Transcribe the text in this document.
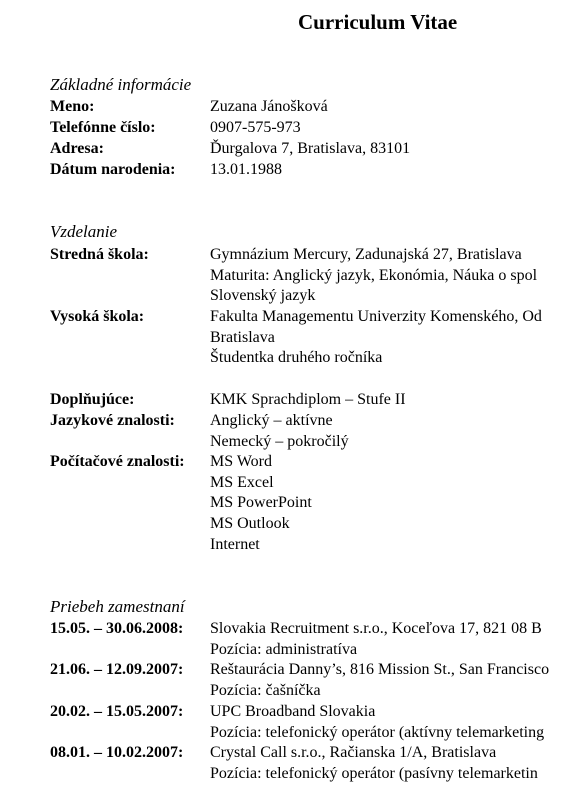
Curriculum Vitae
Základné informácie
Meno:	Zuzana Jánošková
Telefónne číslo:	0907-575-973
Adresa:	Ďurgalova 7, Bratislava, 83101
Dátum narodenia:	13.01.1988
Vzdelanie
Stredná škola:	Gymnázium Mercury, Zadunajská 27, Bratislava
Maturita: Anglický jazyk, Ekonómia, Náuka o spol
Slovenský jazyk
Vysoká škola:	Fakulta Managementu Univerzity Komenského, Od
Bratislava
Študentka druhého ročníka
Doplňujúce:	KMK Sprachdiplom – Stufe II
Jazykové znalosti:	Anglický – aktívne
Nemecký – pokročilý
Počítačové znalosti:	MS Word
MS Excel
MS PowerPoint
MS Outlook
Internet
Priebeh zamestnaní
15.05. – 30.06.2008:	Slovakia Recruitment s.r.o., Koceľova 17, 821 08 B
Pozícia: administratíva
21.06. – 12.09.2007:	Reštaurácia Danny’s, 816 Mission St., San Francisco
Pozícia: čašníčka
20.02. – 15.05.2007:	UPC Broadband Slovakia
Pozícia: telefonický operátor (aktívny telemarketing
08.01. – 10.02.2007:	Crystal Call s.r.o., Račianska 1/A, Bratislava
Pozícia: telefonický operátor (pasívny telemarketin
